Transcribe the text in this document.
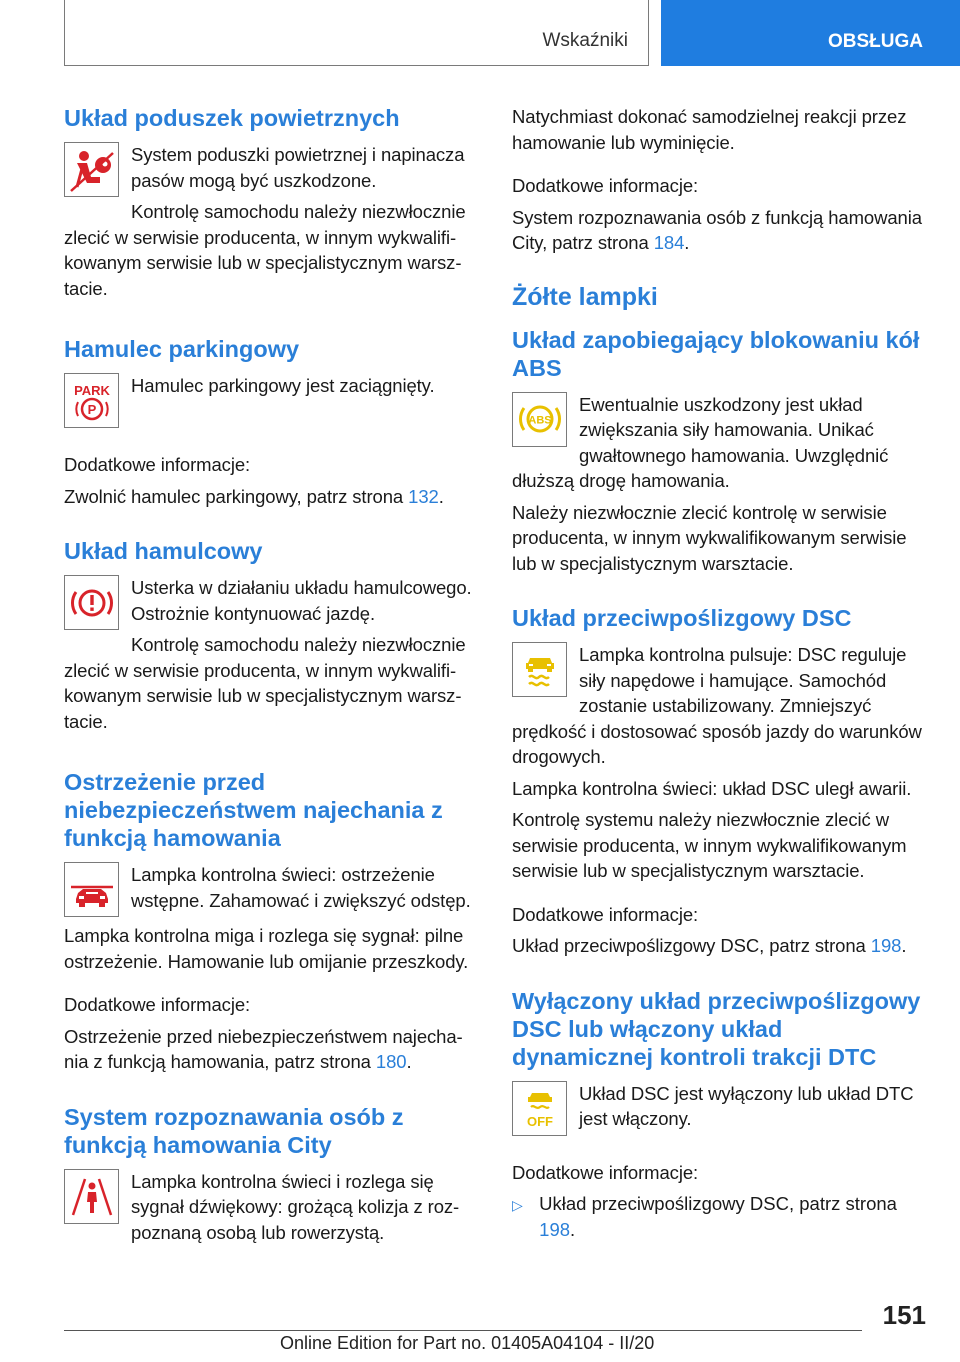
Wskaźniki	OBSŁUGA
Układ poduszek powietrznych

System poduszki powietrznej i napinacza pasów mogą być uszkodzone.

Kontrolę samochodu należy niezwłocznie zlecić w serwisie producenta, w innym wykwalifikowanym serwisie lub w specjalistycznym warsztacie.

Hamulec parkingowy
PARK
P

Hamulec parkingowy jest zaciągnięty.

Dodatkowe informacje:

Zwolnić hamulec parkingowy, patrz strona 132.

Układ hamulcowy

Usterka w działaniu układu hamulcowego. Ostrożnie kontynuować jazdę.

Kontrolę samochodu należy niezwłocznie zlecić w serwisie producenta, w innym wykwalifikowanym serwisie lub w specjalistycznym warsztacie.

Ostrzeżenie przed niebezpieczeństwem najechania z funkcją hamowania

Lampka kontrolna świeci: ostrzeżenie wstępne. Zahamować i zwiększyć odstęp.

Lampka kontrolna miga i rozlega się sygnał: pilne ostrzeżenie. Hamowanie lub omijanie przeszkody.

Dodatkowe informacje:

Ostrzeżenie przed niebezpieczeństwem najechania z funkcją hamowania, patrz strona 180.

System rozpoznawania osób z funkcją hamowania City

Lampka kontrolna świeci i rozlega się sygnał dźwiękowy: grożącą kolizja z rozpoznaną osobą lub rowerzystą.

Natychmiast dokonać samodzielnej reakcji przez hamowanie lub wyminięcie.

Dodatkowe informacje:

System rozpoznawania osób z funkcją hamowania City, patrz strona 184.

Żółte lampki
Układ zapobiegający blokowaniu kół ABS
ABS

Ewentualnie uszkodzony jest układ zwiększania siły hamowania. Unikać gwałtownego hamowania. Uwzględnić dłuższą drogę hamowania.

Należy niezwłocznie zlecić kontrolę w serwisie producenta, w innym wykwalifikowanym serwisie lub w specjalistycznym warsztacie.

Układ przeciwpoślizgowy DSC

Lampka kontrolna pulsuje: DSC reguluje siły napędowe i hamujące. Samochód zostanie ustabilizowany. Zmniejszyć prędkość i dostosować sposób jazdy do warunków drogowych.

Lampka kontrolna świeci: układ DSC uległ awarii.

Kontrolę systemu należy niezwłocznie zlecić w serwisie producenta, w innym wykwalifikowanym serwisie lub w specjalistycznym warsztacie.

Dodatkowe informacje:

Układ przeciwpoślizgowy DSC, patrz strona 198.

Wyłączony układ przeciwpoślizgowy DSC lub włączony układ dynamicznej kontroli trakcji DTC
OFF

Układ DSC jest wyłączony lub układ DTC jest włączony.

Dodatkowe informacje:

▷ Układ przeciwpoślizgowy DSC, patrz strona 198.
151
Online Edition for Part no. 01405A04104 - II/20
